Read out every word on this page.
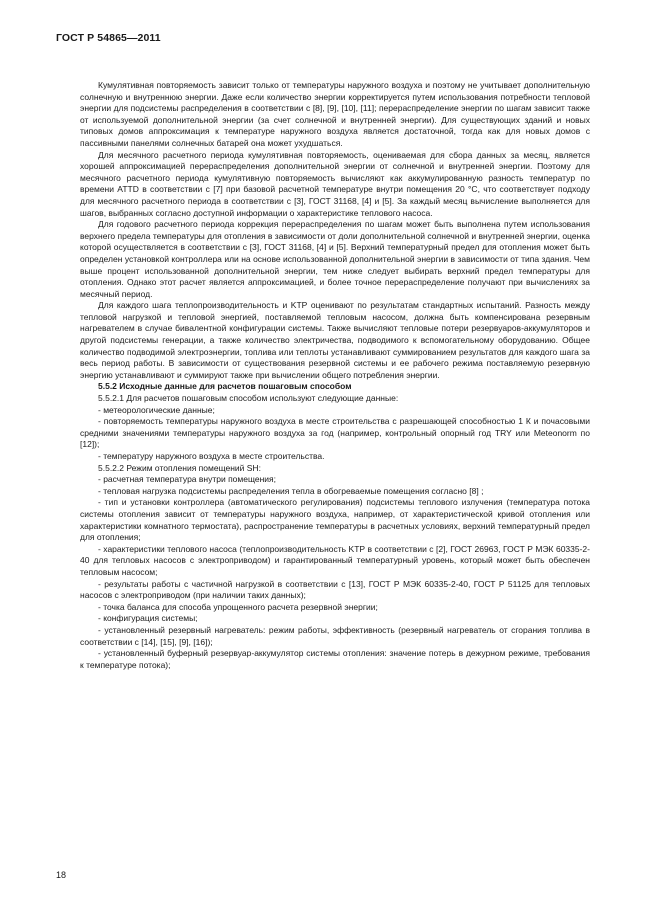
ГОСТ Р 54865—2011

Кумулятивная повторяемость зависит только от температуры наружного воздуха и поэтому не учитывает дополнительную солнечную и внутреннюю энергии. Даже если количество энергии корректируется путем использования потребности тепловой энергии для подсистемы распределения в соответствии с [8], [9], [10], [11]; перераспределение энергии по шагам зависит также от используемой дополнительной энергии (за счет солнечной и внутренней энергии). Для существующих зданий и новых типовых домов аппроксимация к температуре наружного воздуха является достаточной, тогда как для новых домов с пассивными панелями солнечных батарей она может ухудшаться.

Для месячного расчетного периода кумулятивная повторяемость, оцениваемая для сбора данных за месяц, является хорошей аппроксимацией перераспределения дополнительной энергии от солнечной и внутренней энергии. Поэтому для месячного расчетного периода кумулятивную повторяемость вычисляют как аккумулированную разность температур по времени ATTD в соответствии с [7] при базовой расчетной температуре внутри помещения 20 °C, что соответствует подходу для месячного расчетного периода в соответствии с [3], ГОСТ 31168, [4] и [5]. За каждый месяц вычисление выполняется для шагов, выбранных согласно доступной информации о характеристике теплового насоса.

Для годового расчетного периода коррекция перераспределения по шагам может быть выполнена путем использования верхнего предела температуры для отопления в зависимости от доли дополнительной солнечной и внутренней энергии, оценка которой осуществляется в соответствии с [3], ГОСТ 31168, [4] и [5]. Верхний температурный предел для отопления может быть определен установкой контроллера или на основе использованной дополнительной энергии в зависимости от типа здания. Чем выше процент использованной дополнительной энергии, тем ниже следует выбирать верхний предел температуры для отопления. Однако этот расчет является аппроксимацией, и более точное перераспределение получают при вычислениях за месячный период.

Для каждого шага теплопроизводительность и KТР оценивают по результатам стандартных испытаний. Разность между тепловой нагрузкой и тепловой энергией, поставляемой тепловым насосом, должна быть компенсирована резервным нагревателем в случае бивалентной конфигурации системы. Также вычисляют тепловые потери резервуаров-аккумуляторов и другой подсистемы генерации, а также количество электричества, подводимого к вспомогательному оборудованию. Общее количество подводимой электроэнергии, топлива или теплоты устанавливают суммированием результатов для каждого шага за весь период работы. В зависимости от существования резервной системы и ее рабочего режима поставляемую резервную энергию устанавливают и суммируют также при вычислении общего потребления энергии.

5.5.2 Исходные данные для расчетов пошаговым способом

5.5.2.1 Для расчетов пошаговым способом используют следующие данные:

- метеорологические данные;

- повторяемость температуры наружного воздуха в месте строительства с разрешающей способностью 1 К и почасовыми средними значениями температуры наружного воздуха за год (например, контрольный опорный год TRY или Meteonorm по [12]);

- температуру наружного воздуха в месте строительства.

5.5.2.2 Режим отопления помещений SH:

- расчетная температура внутри помещения;

- тепловая нагрузка подсистемы распределения тепла в обогреваемые помещения согласно [8] ;

- тип и установки контроллера (автоматического регулирования) подсистемы теплового излучения (температура потока системы отопления зависит от температуры наружного воздуха, например, от характеристической кривой отопления или характеристики комнатного термостата), распространение температуры в расчетных условиях, верхний температурный предел для отопления;

- характеристики теплового насоса (теплопроизводительность KТР в соответствии с [2], ГОСТ 26963, ГОСТ Р МЭК 60335-2-40 для тепловых насосов с электроприводом) и гарантированный температурный уровень, который может быть обеспечен тепловым насосом;

- результаты работы с частичной нагрузкой в соответствии с [13], ГОСТ Р МЭК 60335-2-40, ГОСТ Р 51125 для тепловых насосов с электроприводом (при наличии таких данных);

- точка баланса для способа упрощенного расчета резервной энергии;

- конфигурация системы;

- установленный резервный нагреватель: режим работы, эффективность (резервный нагреватель от сгорания топлива в соответствии с [14], [15], [9], [16]);

- установленный буферный резервуар-аккумулятор системы отопления: значение потерь в дежурном режиме, требования к температуре потока);

18
